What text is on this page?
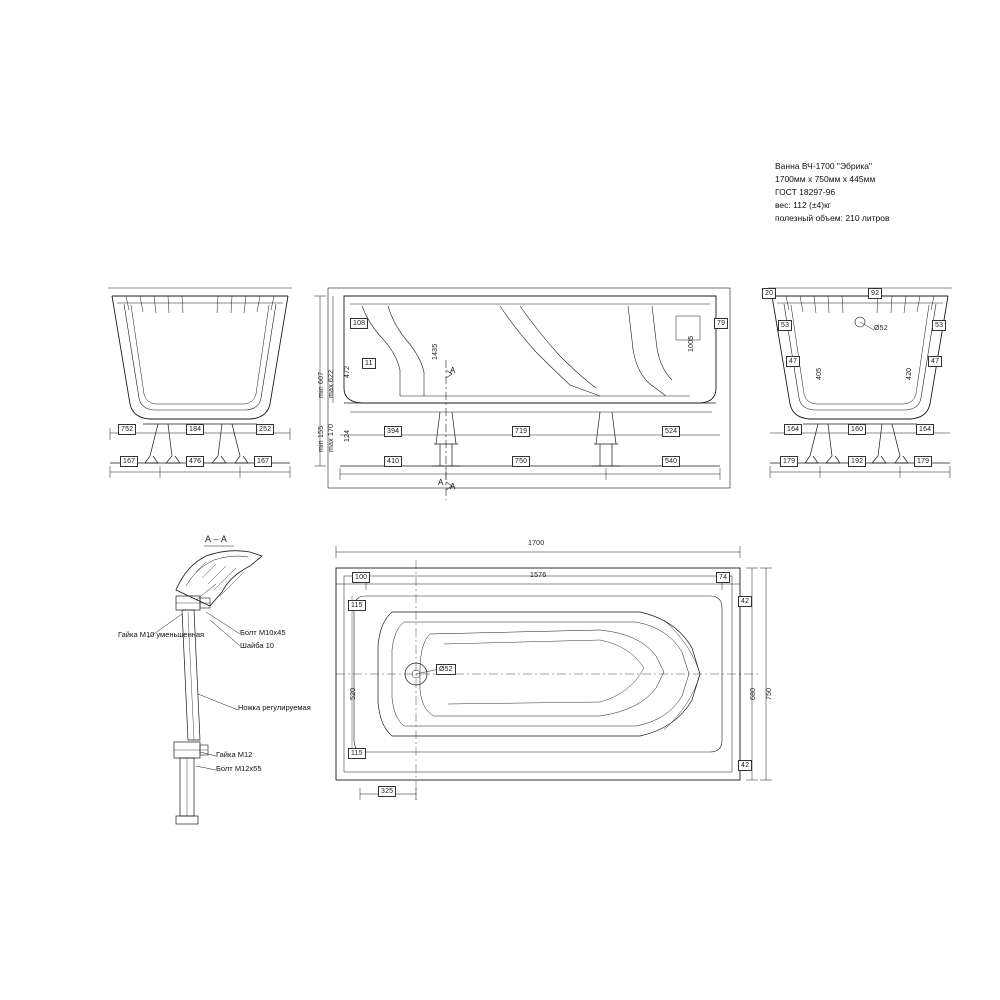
Ванна ВЧ-1700 "Эбрика"
1700мм х 750мм х 445мм
ГОСТ 18297-96
вес: 112 (±4)кг
полезный объем: 210 литров
752	184	252
167	476	167
108	79
11
1435	1005
min 607 max 622 472
min 155 max 170 124	394	719	524
410	750	540
A
A
A
20	92
53	53
Ø52
47	47
405	420
164	160	164
179	192	179
A – A
Гайка М10 уменьшенная	Болт М10х45
Шайба 10
Ножка регулируемая
Гайка М12
Болт М12х55
1700
1576
100	74
115
115
520
42
42
680 750
Ø52
325
